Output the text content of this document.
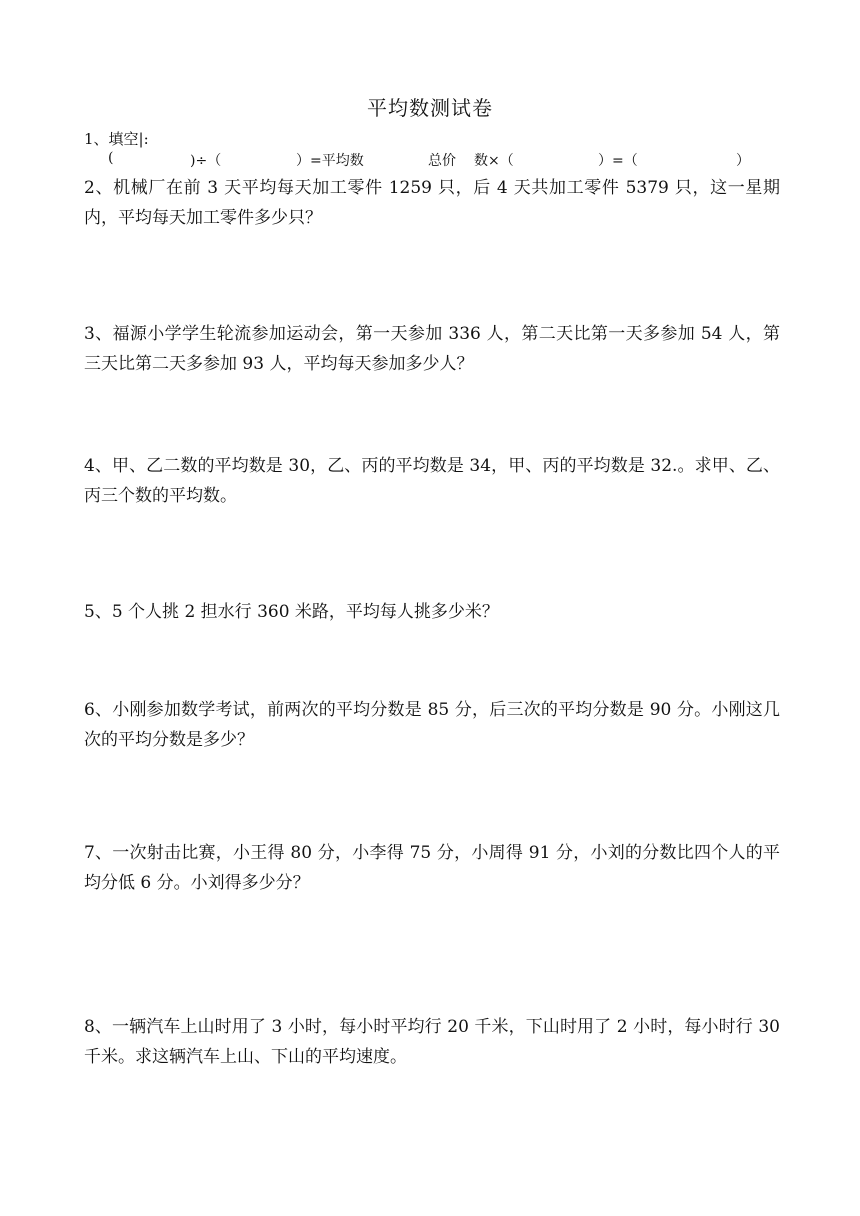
平均数测试卷
1、填空|:
(	)÷（	）=平均数	总价 数×（	）=（	）

2、机械厂在前 3 天平均每天加工零件 1259 只，后 4 天共加工零件 5379 只，这一星期内，平均每天加工零件多少只？

3、福源小学学生轮流参加运动会，第一天参加 336 人，第二天比第一天多参加 54 人，第三天比第二天多参加 93 人，平均每天参加多少人？

4、甲、乙二数的平均数是 30，乙、丙的平均数是 34，甲、丙的平均数是 32.。求甲、乙、丙三个数的平均数。

5、5 个人挑 2 担水行 360 米路，平均每人挑多少米？

6、小刚参加数学考试，前两次的平均分数是 85 分，后三次的平均分数是 90 分。小刚这几次的平均分数是多少？

7、一次射击比赛，小王得 80 分，小李得 75 分，小周得 91 分，小刘的分数比四个人的平均分低 6 分。小刘得多少分？

8、一辆汽车上山时用了 3 小时，每小时平均行 20 千米，下山时用了 2 小时，每小时行 30 千米。求这辆汽车上山、下山的平均速度。
